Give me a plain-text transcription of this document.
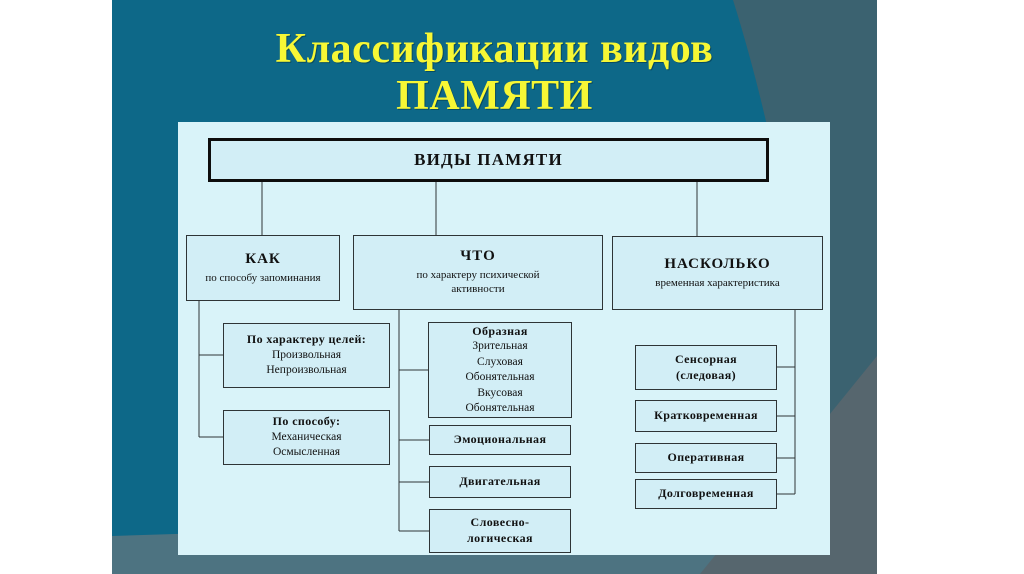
Классификации видов
ПАМЯТИ
ВИДЫ ПАМЯТИ
КАК
по способу запоминания
ЧТО
по характеру психической активности
НАСКОЛЬКО
временная характеристика
По характеру целей:
Произвольная
Непроизвольная
По способу:
Механическая
Осмысленная
Образная
Зрительная
Слуховая
Обонятельная
Вкусовая
Обонятельная
Эмоциональная
Двигательная
Словесно-
логическая
Сенсорная
(следовая)
Кратковременная
Оперативная
Долговременная
